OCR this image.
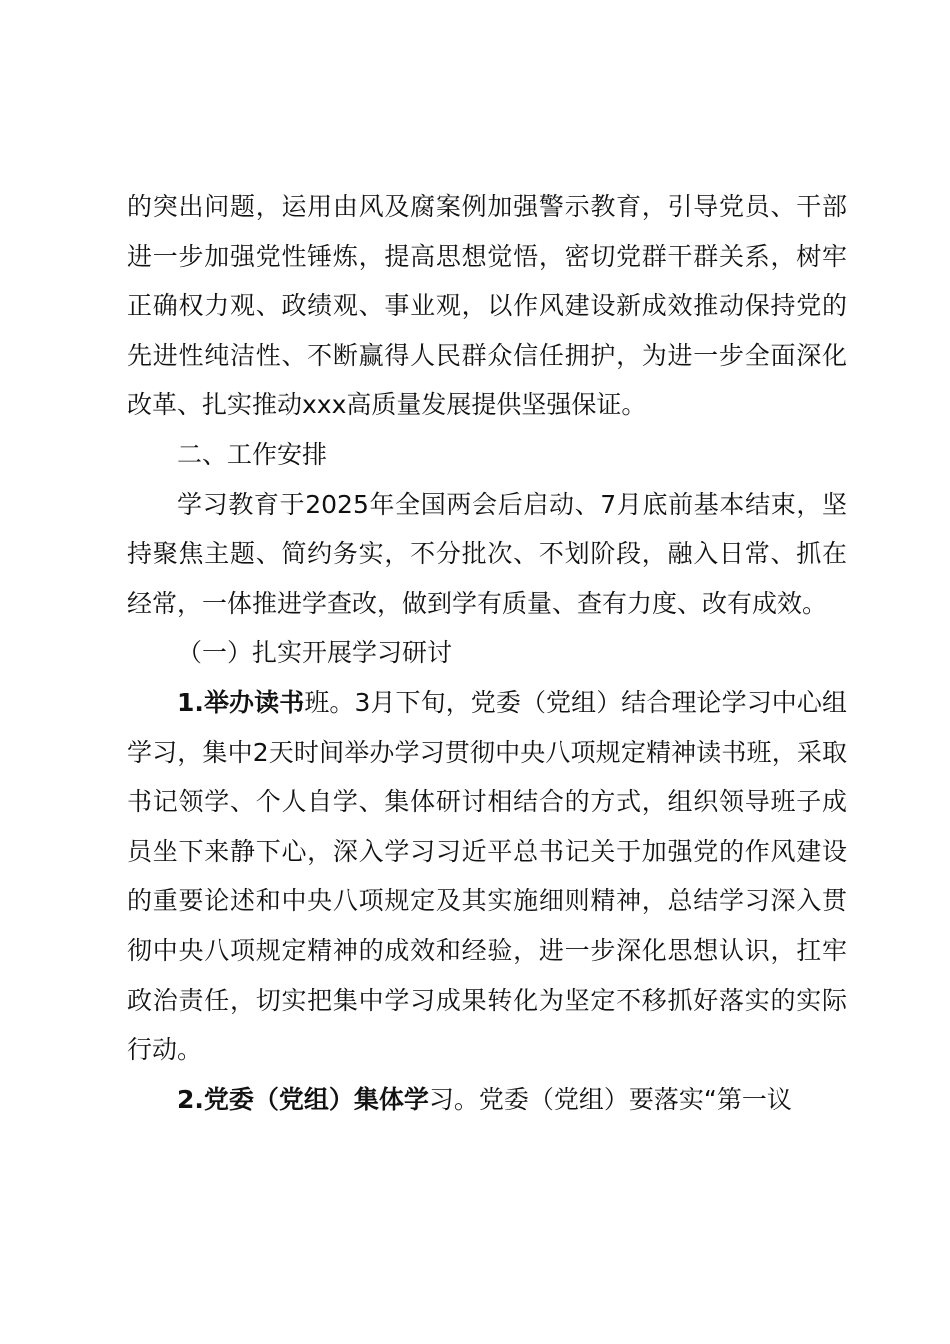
的突出问题，运用由风及腐案例加强警示教育，引导党员、干部进一步加强党性锤炼，提高思想觉悟，密切党群干群关系，树牢正确权力观、政绩观、事业观，以作风建设新成效推动保持党的先进性纯洁性、不断赢得人民群众信任拥护，为进一步全面深化改革、扎实推动xxx高质量发展提供坚强保证。

二、工作安排

学习教育于2025年全国两会后启动、7月底前基本结束，坚持聚焦主题、简约务实，不分批次、不划阶段，融入日常、抓在经常，一体推进学查改，做到学有质量、查有力度、改有成效。

（一）扎实开展学习研讨

1.举办读书班。3月下旬，党委（党组）结合理论学习中心组学习，集中2天时间举办学习贯彻中央八项规定精神读书班，采取书记领学、个人自学、集体研讨相结合的方式，组织领导班子成员坐下来静下心，深入学习习近平总书记关于加强党的作风建设的重要论述和中央八项规定及其实施细则精神，总结学习深入贯彻中央八项规定精神的成效和经验，进一步深化思想认识，扛牢政治责任，切实把集中学习成果转化为坚定不移抓好落实的实际行动。

2.党委（党组）集体学习。党委（党组）要落实“第一议
